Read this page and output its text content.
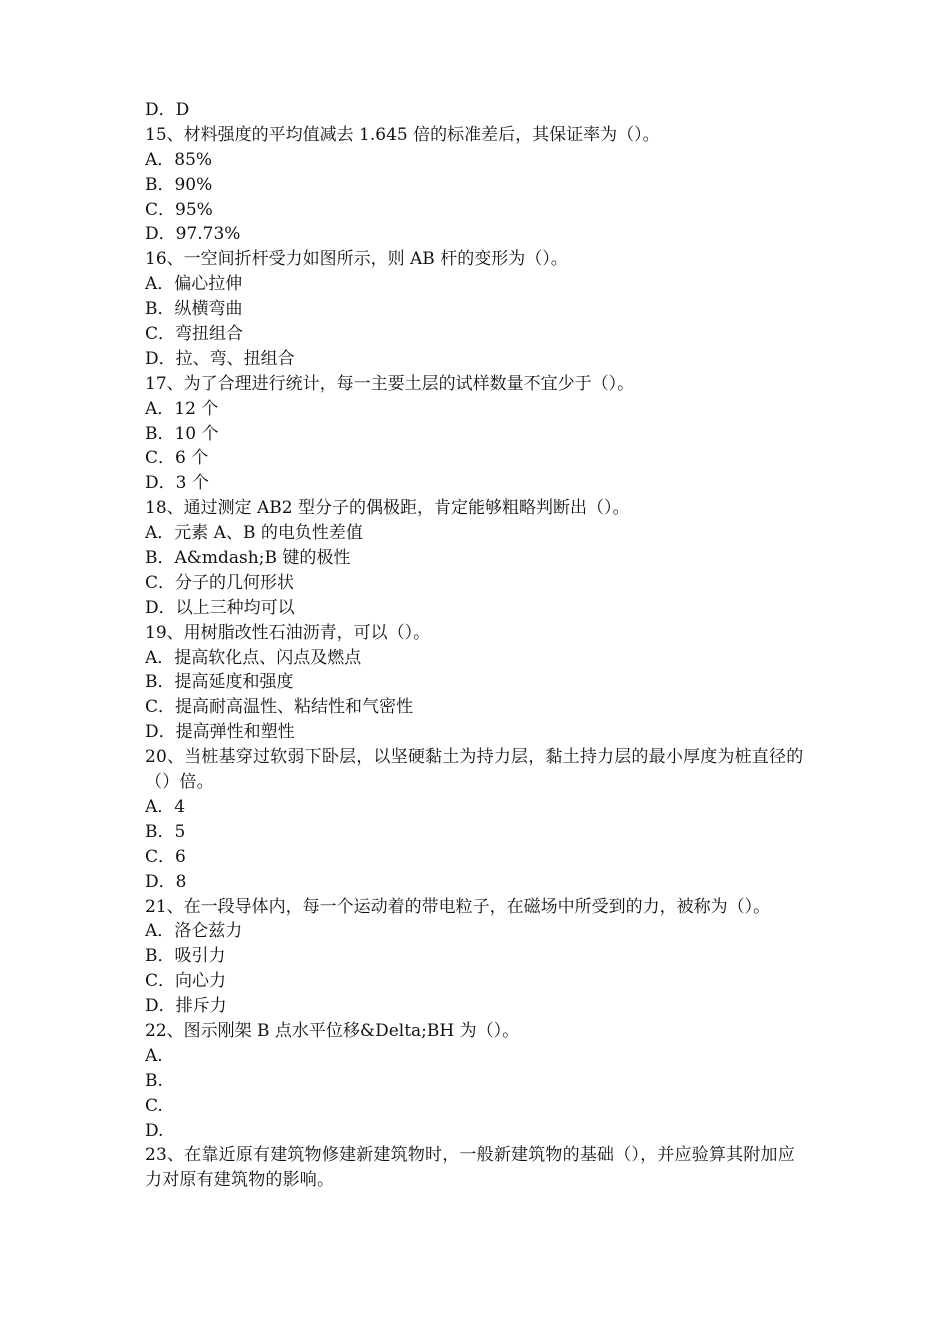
D．D
15、材料强度的平均值减去 1.645 倍的标准差后，其保证率为（）。
A．85%
B．90%
C．95%
D．97.73%
16、一空间折杆受力如图所示，则 AB 杆的变形为（）。
A．偏心拉伸
B．纵横弯曲
C．弯扭组合
D．拉、弯、扭组合
17、为了合理进行统计，每一主要土层的试样数量不宜少于（）。
A．12 个
B．10 个
C．6 个
D．3 个
18、通过测定 AB2 型分子的偶极距，肯定能够粗略判断出（）。
A．元素 A、B 的电负性差值
B．A&mdash;B 键的极性
C．分子的几何形状
D．以上三种均可以
19、用树脂改性石油沥青，可以（）。
A．提高软化点、闪点及燃点
B．提高延度和强度
C．提高耐高温性、粘结性和气密性
D．提高弹性和塑性
20、当桩基穿过软弱下卧层，以坚硬黏土为持力层，黏土持力层的最小厚度为桩直径的（）倍。
A．4
B．5
C．6
D．8
21、在一段导体内，每一个运动着的带电粒子，在磁场中所受到的力，被称为（）。
A．洛仑兹力
B．吸引力
C．向心力
D．排斥力
22、图示刚架 B 点水平位移&Delta;BH 为（）。
A.
B.
C.
D.
23、在靠近原有建筑物修建新建筑物时，一般新建筑物的基础（），并应验算其附加应力对原有建筑物的影响。
